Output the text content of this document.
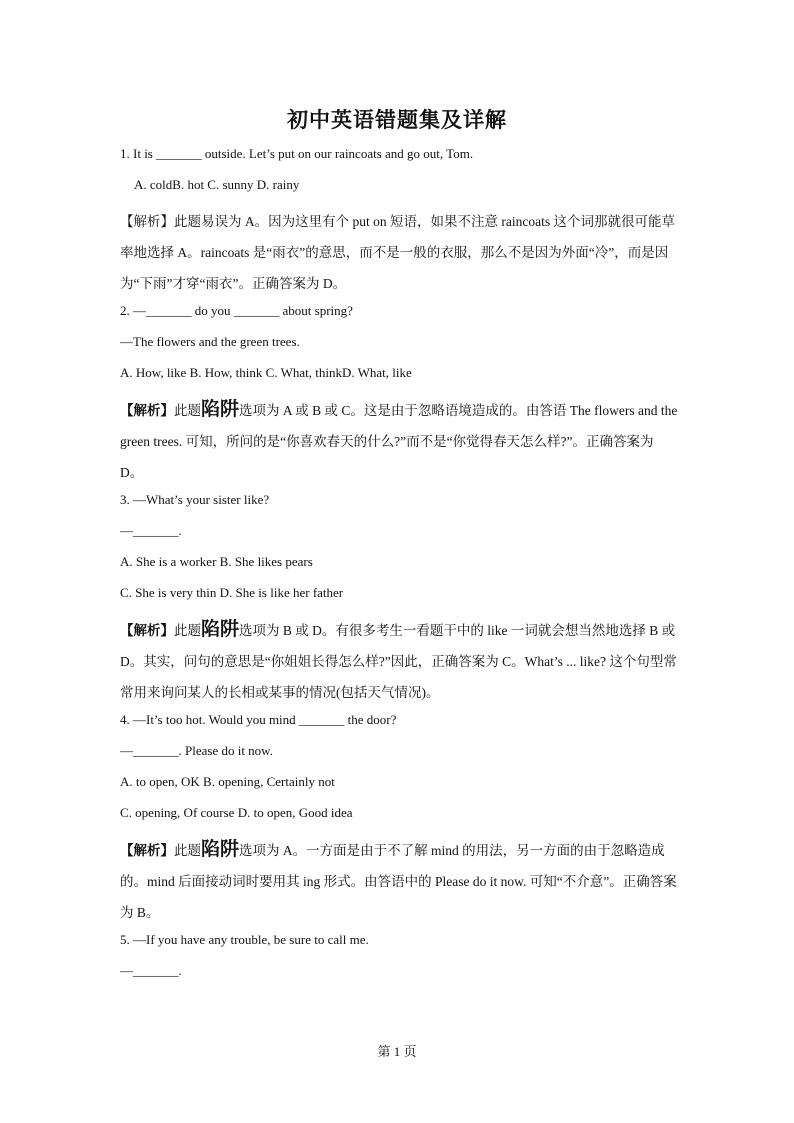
初中英语错题集及详解
1. It is _______ outside. Let’s put on our raincoats and go out, Tom.
A. coldB. hot C. sunny D. rainy

【解析】此题易误为 A。因为这里有个 put on 短语，如果不注意 raincoats 这个词那就很可能草率地选择 A。raincoats 是“雨衣”的意思，而不是一般的衣服，那么不是因为外面“冷”，而是因为“下雨”才穿“雨衣”。正确答案为 D。

2. —_______ do you _______ about spring?
—The flowers and the green trees.
A. How, like B. How, think C. What, thinkD. What, like

【解析】此题陷阱选项为 A 或 B 或 C。这是由于忽略语境造成的。由答语 The flowers and the green trees. 可知，所问的是“你喜欢春天的什么?”而不是“你觉得春天怎么样?”。正确答案为 D。

3. —What’s your sister like?
—_______.
A. She is a worker B. She likes pears
C. She is very thin D. She is like her father

【解析】此题陷阱选项为 B 或 D。有很多考生一看题干中的 like 一词就会想当然地选择 B 或 D。其实，问句的意思是“你姐姐长得怎么样?”因此，正确答案为 C。What’s ... like? 这个句型常常用来询问某人的长相或某事的情况(包括天气情况)。

4. —It’s too hot. Would you mind _______ the door?
—_______. Please do it now.
A. to open, OK B. opening, Certainly not
C. opening, Of course D. to open, Good idea

【解析】此题陷阱选项为 A。一方面是由于不了解 mind 的用法，另一方面的由于忽略造成的。mind 后面接动词时要用其 ing 形式。由答语中的 Please do it now. 可知“不介意”。正确答案为 B。

5. —If you have any trouble, be sure to call me.
—_______.
第 1 页
